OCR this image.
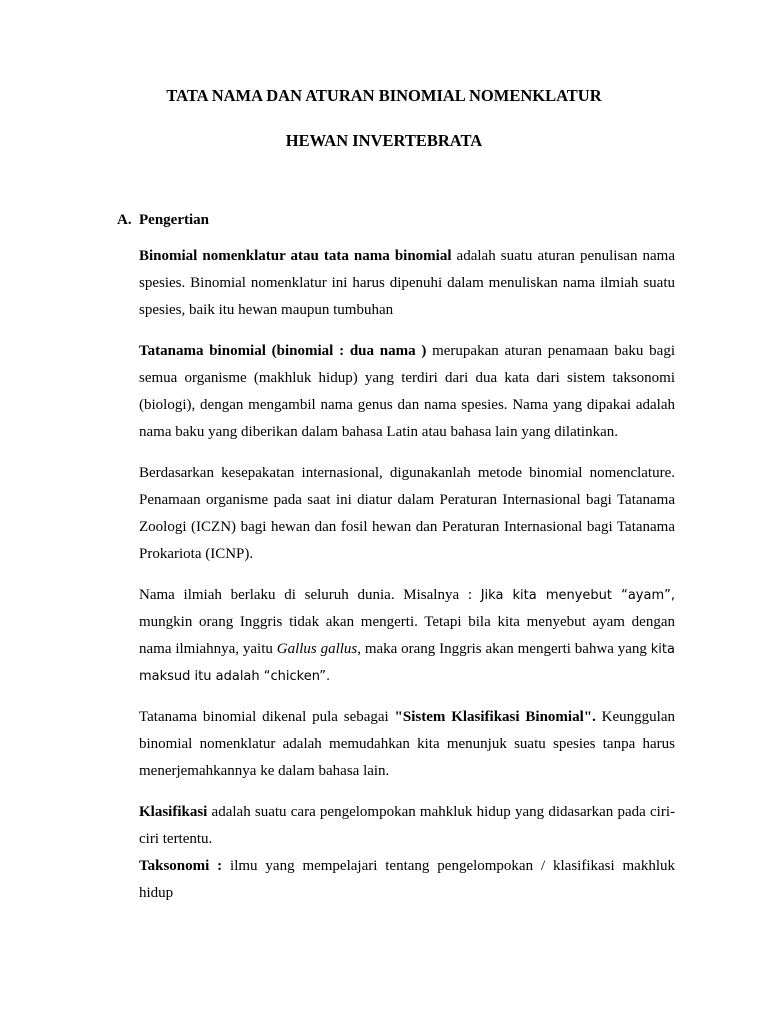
TATA NAMA DAN ATURAN BINOMIAL NOMENKLATUR
HEWAN INVERTEBRATA
A. Pengertian

Binomial nomenklatur atau tata nama binomial adalah suatu aturan penulisan nama spesies. Binomial nomenklatur ini harus dipenuhi dalam menuliskan nama ilmiah suatu spesies, baik itu hewan maupun tumbuhan

Tatanama binomial (binomial : dua nama ) merupakan aturan penamaan baku bagi semua organisme (makhluk hidup) yang terdiri dari dua kata dari sistem taksonomi (biologi), dengan mengambil nama genus dan nama spesies. Nama yang dipakai adalah nama baku yang diberikan dalam bahasa Latin atau bahasa lain yang dilatinkan.

Berdasarkan kesepakatan internasional, digunakanlah metode binomial nomenclature. Penamaan organisme pada saat ini diatur dalam Peraturan Internasional bagi Tatanama Zoologi (ICZN) bagi hewan dan fosil hewan dan Peraturan Internasional bagi Tatanama Prokariota (ICNP).

Nama ilmiah berlaku di seluruh dunia. Misalnya : Jika kita menyebut “ayam”, mungkin orang Inggris tidak akan mengerti. Tetapi bila kita menyebut ayam dengan nama ilmiahnya, yaitu Gallus gallus, maka orang Inggris akan mengerti bahwa yang kita maksud itu adalah “chicken”.

Tatanama binomial dikenal pula sebagai "Sistem Klasifikasi Binomial". Keunggulan binomial nomenklatur adalah memudahkan kita menunjuk suatu spesies tanpa harus menerjemahkannya ke dalam bahasa lain.

Klasifikasi adalah suatu cara pengelompokan mahkluk hidup yang didasarkan pada ciri-ciri tertentu.

Taksonomi : ilmu yang mempelajari tentang pengelompokan / klasifikasi makhluk hidup
